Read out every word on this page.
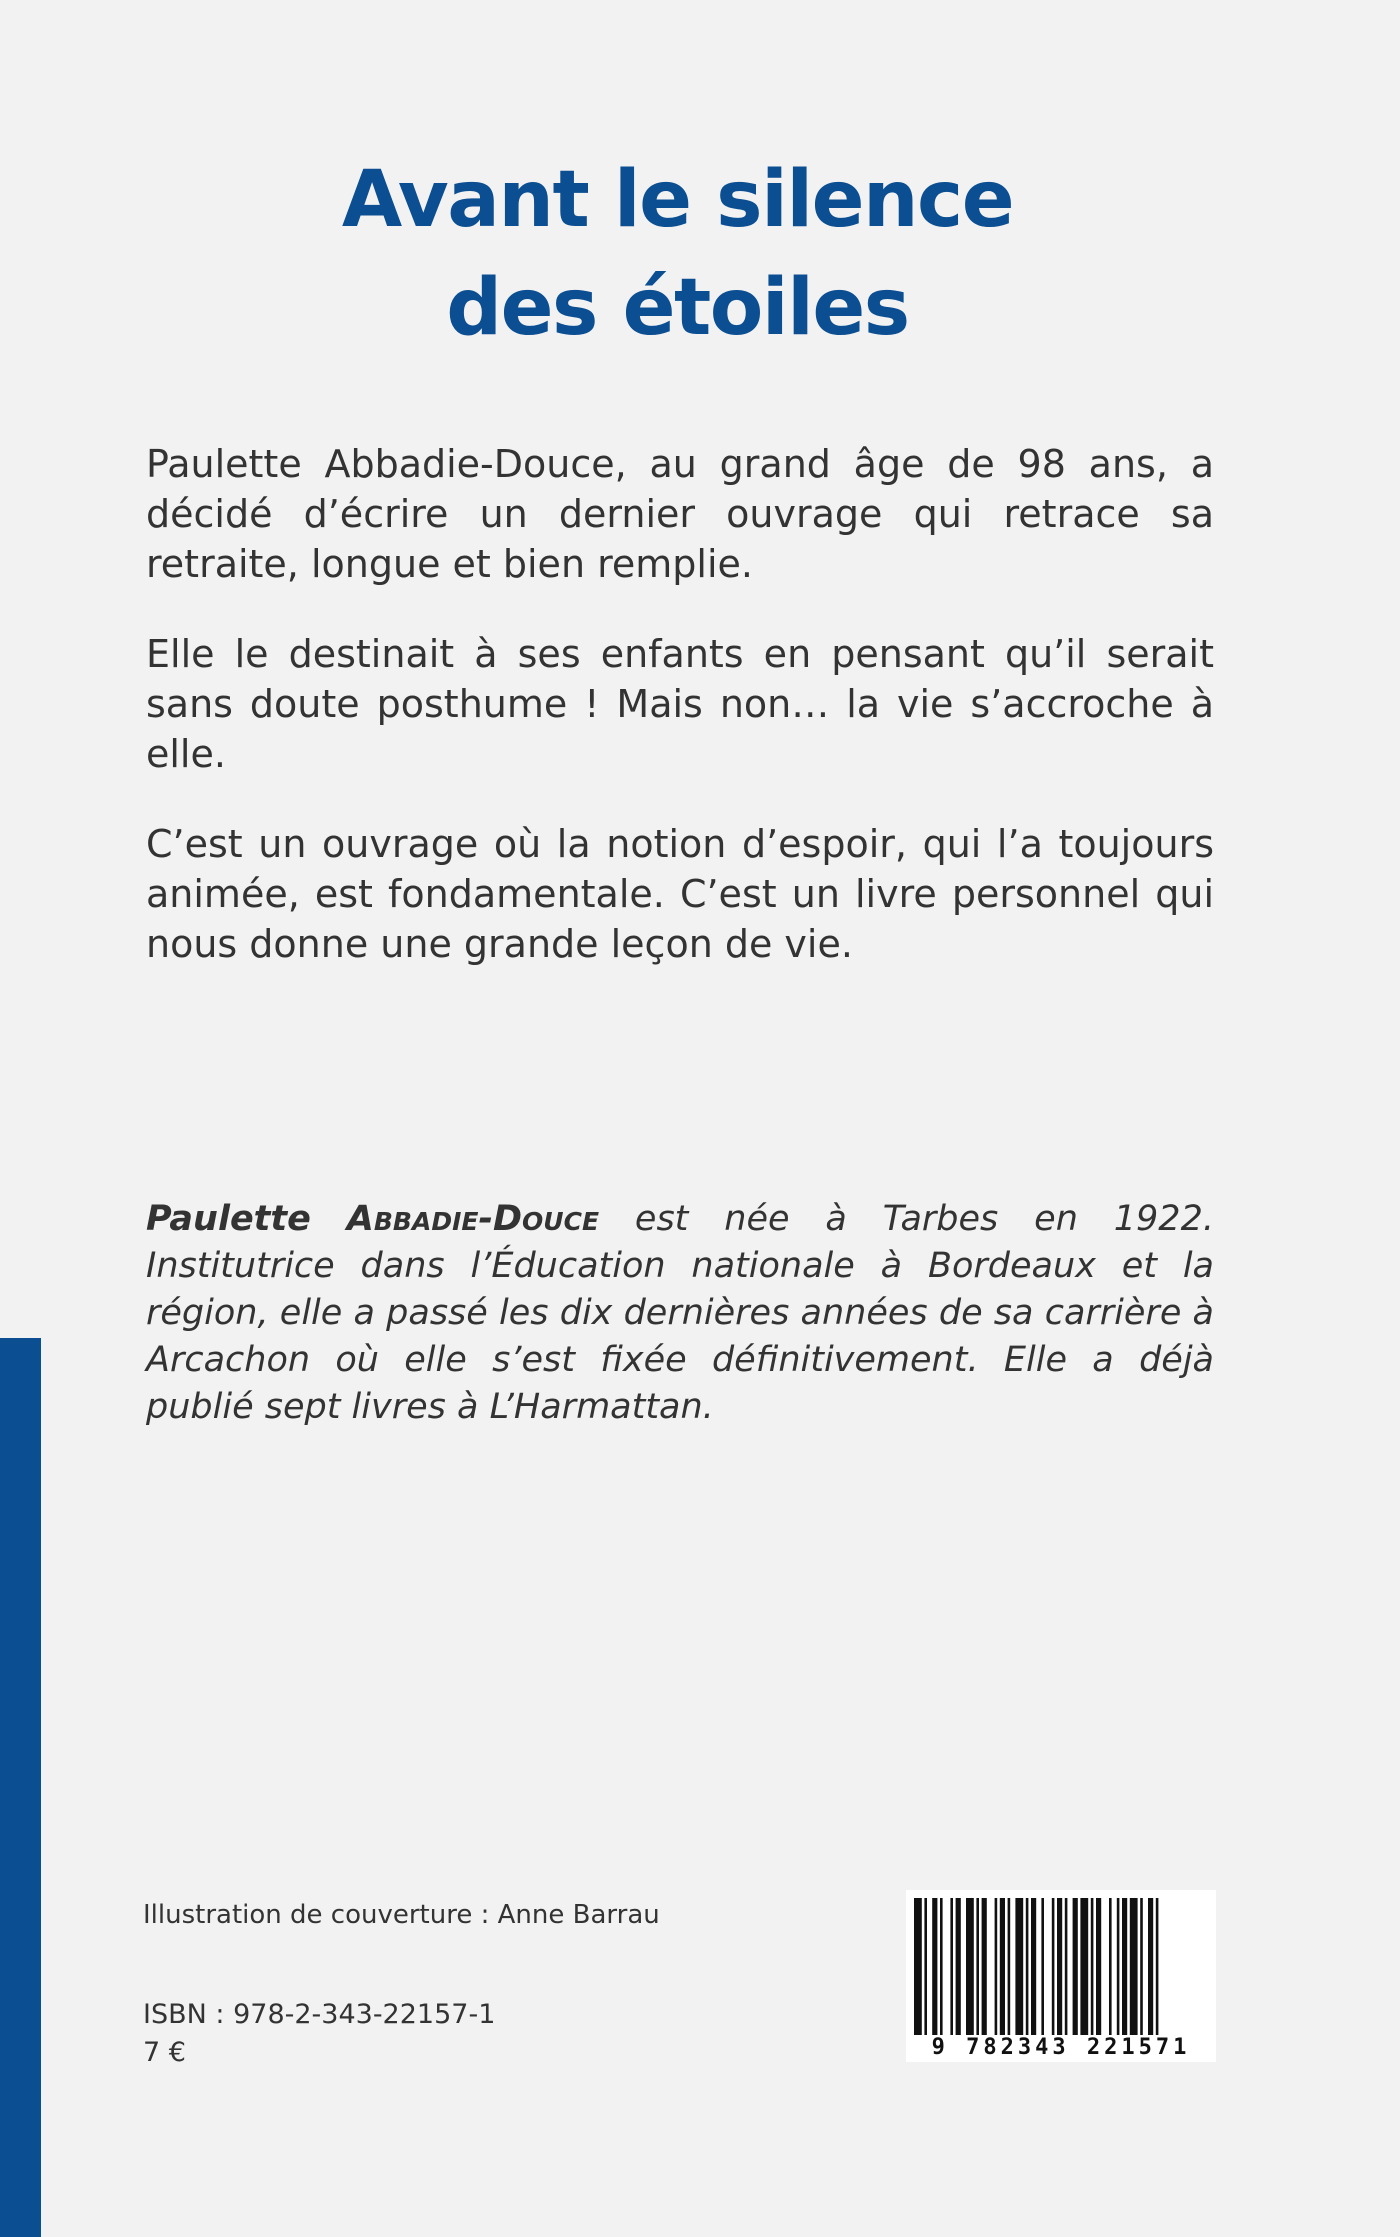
Avant le silence
des étoiles

Paulette Abbadie-Douce, au grand âge de 98 ans, a décidé d’écrire un dernier ouvrage qui retrace sa retraite, longue et bien remplie.

Elle le destinait à ses enfants en pensant qu’il serait sans doute posthume ! Mais non… la vie s’accroche à elle.

C’est un ouvrage où la notion d’espoir, qui l’a toujours animée, est fondamentale. C’est un livre personnel qui nous donne une grande leçon de vie.

Paulette Abbadie-Douce est née à Tarbes en 1922. Institutrice dans l’Éducation nationale à Bordeaux et la région, elle a passé les dix dernières années de sa carrière à Arcachon où elle s’est fixée définitivement. Elle a déjà publié sept livres à L’Harmattan.

Illustration de couverture : Anne Barrau

ISBN : 978-2-343-22157-1
7 €	9 782343 221571
